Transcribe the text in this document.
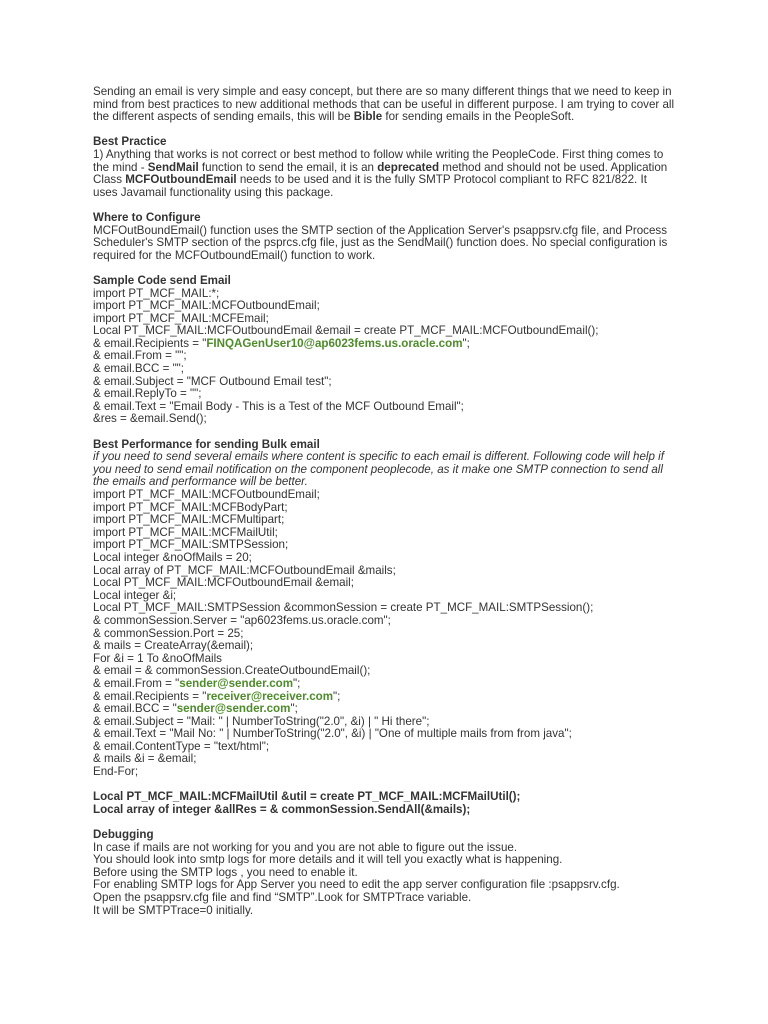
Sending an email is very simple and easy concept, but there are so many different things that we need to keep in
mind from best practices to new additional methods that can be useful in different purpose. I am trying to cover all
the different aspects of sending emails, this will be Bible for sending emails in the PeopleSoft.
Best Practice
1) Anything that works is not correct or best method to follow while writing the PeopleCode. First thing comes to
the mind - SendMail function to send the email, it is an deprecated method and should not be used. Application
Class MCFOutboundEmail needs to be used and it is the fully SMTP Protocol compliant to RFC 821/822. It
uses Javamail functionality using this package.
Where to Configure
MCFOutBoundEmail() function uses the SMTP section of the Application Server's psappsrv.cfg file, and Process
Scheduler's SMTP section of the psprcs.cfg file, just as the SendMail() function does. No special configuration is
required for the MCFOutboundEmail() function to work.
Sample Code send Email
import PT_MCF_MAIL:*;
import PT_MCF_MAIL:MCFOutboundEmail;
import PT_MCF_MAIL:MCFEmail;
Local PT_MCF_MAIL:MCFOutboundEmail &email = create PT_MCF_MAIL:MCFOutboundEmail();
& email.Recipients = "FINQAGenUser10@ap6023fems.us.oracle.com";
& email.From = "";
& email.BCC = "";
& email.Subject = "MCF Outbound Email test";
& email.ReplyTo = "";
& email.Text = "Email Body - This is a Test of the MCF Outbound Email";
&res = &email.Send();
Best Performance for sending Bulk email
if you need to send several emails where content is specific to each email is different. Following code will help if
you need to send email notification on the component peoplecode, as it make one SMTP connection to send all
the emails and performance will be better.
import PT_MCF_MAIL:MCFOutboundEmail;
import PT_MCF_MAIL:MCFBodyPart;
import PT_MCF_MAIL:MCFMultipart;
import PT_MCF_MAIL:MCFMailUtil;
import PT_MCF_MAIL:SMTPSession;
Local integer &noOfMails = 20;
Local array of PT_MCF_MAIL:MCFOutboundEmail &mails;
Local PT_MCF_MAIL:MCFOutboundEmail &email;
Local integer &i;
Local PT_MCF_MAIL:SMTPSession &commonSession = create PT_MCF_MAIL:SMTPSession();
& commonSession.Server = "ap6023fems.us.oracle.com";
& commonSession.Port = 25;
& mails = CreateArray(&email);
For &i = 1 To &noOfMails
& email = & commonSession.CreateOutboundEmail();
& email.From = "sender@sender.com";
& email.Recipients = "receiver@receiver.com";
& email.BCC = "sender@sender.com";
& email.Subject = "Mail: " | NumberToString("2.0", &i) | " Hi there";
& email.Text = "Mail No: " | NumberToString("2.0", &i) | "One of multiple mails from from java";
& email.ContentType = "text/html";
& mails &i = &email;
End-For;
Local PT_MCF_MAIL:MCFMailUtil &util = create PT_MCF_MAIL:MCFMailUtil();
Local array of integer &allRes = & commonSession.SendAll(&mails);
Debugging
In case if mails are not working for you and you are not able to figure out the issue.
You should look into smtp logs for more details and it will tell you exactly what is happening.
Before using the SMTP logs , you need to enable it.
For enabling SMTP logs for App Server you need to edit the app server configuration file :psappsrv.cfg.
Open the psappsrv.cfg file and find “SMTP”.Look for SMTPTrace variable.
It will be SMTPTrace=0 initially.
